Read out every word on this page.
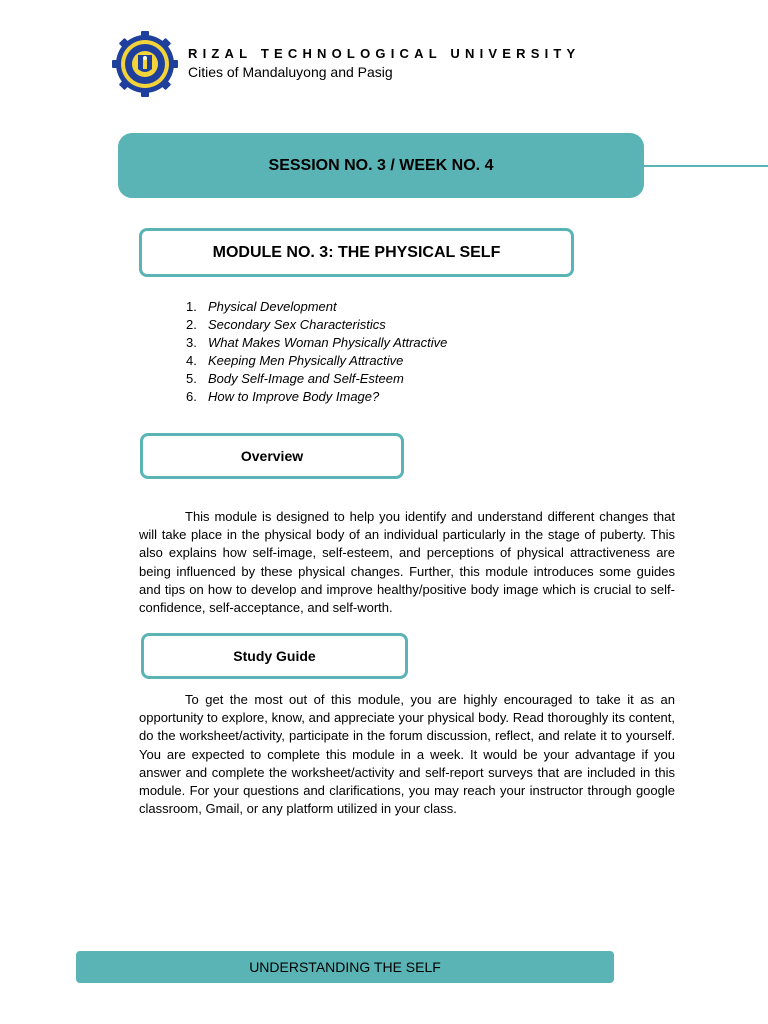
RIZAL TECHNOLOGICAL UNIVERSITY
Cities of Mandaluyong and Pasig
SESSION NO. 3 / WEEK NO. 4
MODULE NO. 3: THE PHYSICAL SELF
1. Physical Development
2. Secondary Sex Characteristics
3. What Makes Woman Physically Attractive
4. Keeping Men Physically Attractive
5. Body Self-Image and Self-Esteem
6. How to Improve Body Image?
Overview

This module is designed to help you identify and understand different changes that will take place in the physical body of an individual particularly in the stage of puberty. This also explains how self-image, self-esteem, and perceptions of physical attractiveness are being influenced by these physical changes. Further, this module introduces some guides and tips on how to develop and improve healthy/positive body image which is crucial to self-confidence, self-acceptance, and self-worth.

Study Guide

To get the most out of this module, you are highly encouraged to take it as an opportunity to explore, know, and appreciate your physical body. Read thoroughly its content, do the worksheet/activity, participate in the forum discussion, reflect, and relate it to yourself. You are expected to complete this module in a week. It would be your advantage if you answer and complete the worksheet/activity and self-report surveys that are included in this module. For your questions and clarifications, you may reach your instructor through google classroom, Gmail, or any platform utilized in your class.

UNDERSTANDING THE SELF
